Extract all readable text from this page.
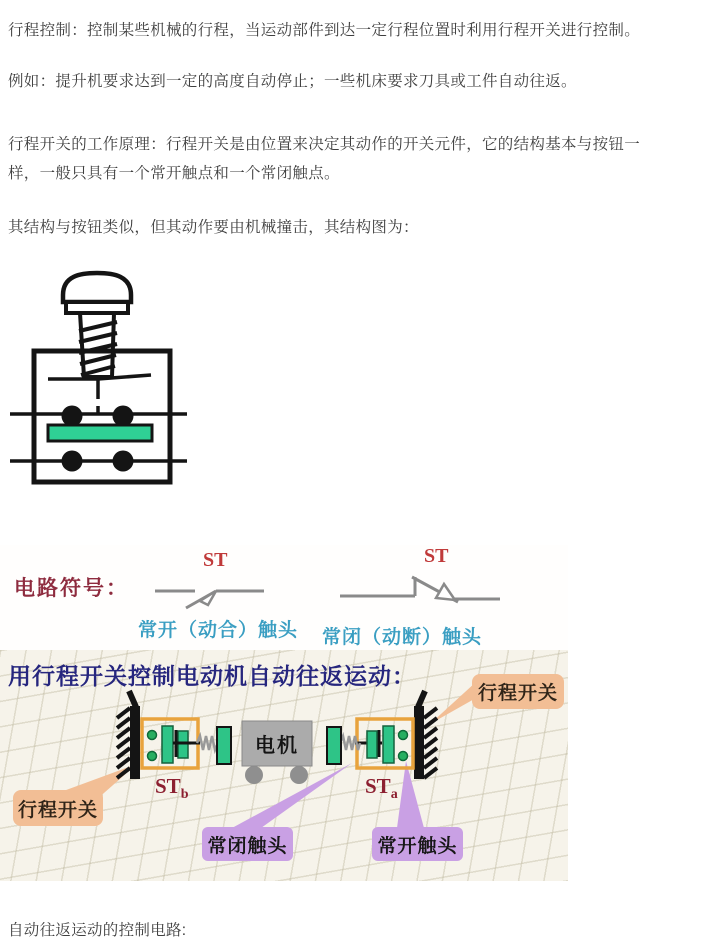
行程控制：控制某些机械的行程，当运动部件到达一定行程位置时利用行程开关进行控制。

例如：提升机要求达到一定的高度自动停止；一些机床要求刀具或工件自动往返。

行程开关的工作原理：行程开关是由位置来决定其动作的开关元件，它的结构基本与按钮一样，一般只具有一个常开触点和一个常闭触点。

其结构与按钮类似，但其动作要由机械撞击，其结构图为：

电路符号：
ST
常开（动合）触头
ST
常闭（动断）触头
用行程开关控制电动机自动往返运动：
电机
$ST_b$	$ST_a$
行程开关
行程开关
常闭触头	常开触头

自动往返运动的控制电路:
